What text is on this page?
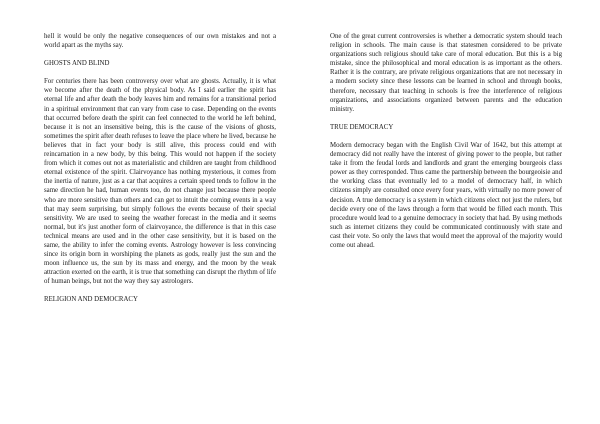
hell it would be only the negative consequences of our own mistakes and not a world apart as the myths say.

GHOSTS AND BLIND

For centuries there has been controversy over what are ghosts. Actually, it is what we become after the death of the physical body. As I said earlier the spirit has eternal life and after death the body leaves him and remains for a transitional period in a spiritual environment that can vary from case to case. Depending on the events that occurred before death the spirit can feel connected to the world he left behind, because it is not an insensitive being, this is the cause of the visions of ghosts, sometimes the spirit after death refuses to leave the place where he lived, because he believes that in fact your body is still alive, this process could end with reincarnation in a new body, by this being. This would not happen if the society from which it comes out not as materialistic and children are taught from childhood eternal existence of the spirit. Clairvoyance has nothing mysterious, it comes from the inertia of nature, just as a car that acquires a certain speed tends to follow in the same direction he had, human events too, do not change just because there people who are more sensitive than others and can get to intuit the coming events in a way that may seem surprising, but simply follows the events because of their special sensitivity. We are used to seeing the weather forecast in the media and it seems normal, but it's just another form of clairvoyance, the difference is that in this case technical means are used and in the other case sensitivity, but it is based on the same, the ability to infer the coming events. Astrology however is less convincing since its origin born in worshiping the planets as gods, really just the sun and the moon influence us, the sun by its mass and energy, and the moon by the weak attraction exerted on the earth, it is true that something can disrupt the rhythm of life of human beings, but not the way they say astrologers.

RELIGION AND DEMOCRACY

One of the great current controversies is whether a democratic system should teach religion in schools. The main cause is that statesmen considered to be private organizations such religious should take care of moral education. But this is a big mistake, since the philosophical and moral education is as important as the others. Rather it is the contrary, are private religious organizations that are not necessary in a modern society since these lessons can be learned in school and through books, therefore, necessary that teaching in schools is free the interference of religious organizations, and associations organized between parents and the education ministry.

TRUE DEMOCRACY

Modern democracy began with the English Civil War of 1642, but this attempt at democracy did not really have the interest of giving power to the people, but rather take it from the feudal lords and landlords and grant the emerging bourgeois class power as they corresponded. Thus came the partnership between the bourgeoisie and the working class that eventually led to a model of democracy half, in which citizens simply are consulted once every four years, with virtually no more power of decision. A true democracy is a system in which citizens elect not just the rulers, but decide every one of the laws through a form that would be filled each month. This procedure would lead to a genuine democracy in society that had. By using methods such as internet citizens they could be communicated continuously with state and cast their vote. So only the laws that would meet the approval of the majority would come out ahead.
